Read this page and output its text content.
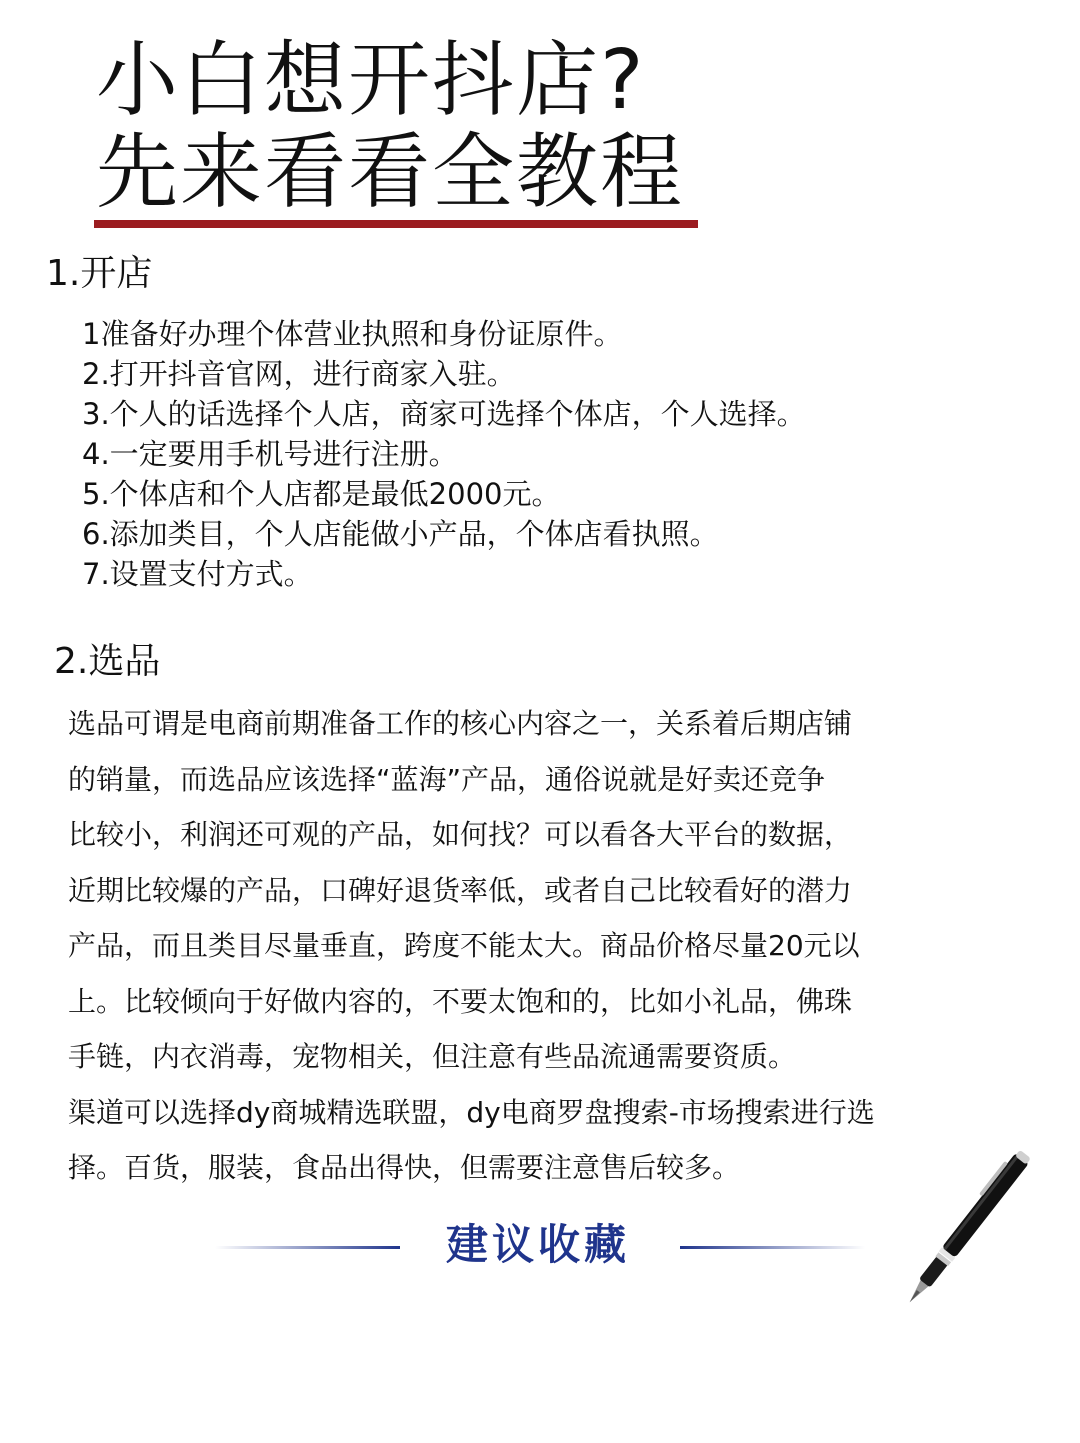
小白想开抖店?
先来看看全教程
1.开店
1准备好办理个体营业执照和身份证原件。
2.打开抖音官网，进行商家入驻。
3.个人的话选择个人店，商家可选择个体店，个人选择。
4.一定要用手机号进行注册。
5.个体店和个人店都是最低2000元。
6.添加类目，个人店能做小产品，个体店看执照。
7.设置支付方式。
2.选品
选品可谓是电商前期准备工作的核心内容之一，关系着后期店铺
的销量，而选品应该选择“蓝海”产品，通俗说就是好卖还竞争
比较小，利润还可观的产品，如何找？可以看各大平台的数据，
近期比较爆的产品，口碑好退货率低，或者自己比较看好的潜力
产品，而且类目尽量垂直，跨度不能太大。商品价格尽量20元以
上。比较倾向于好做内容的，不要太饱和的，比如小礼品，佛珠
手链，内衣消毒，宠物相关，但注意有些品流通需要资质。
渠道可以选择dy商城精选联盟，dy电商罗盘搜索-市场搜索进行选
择。百货，服装，食品出得快，但需要注意售后较多。
建议收藏
